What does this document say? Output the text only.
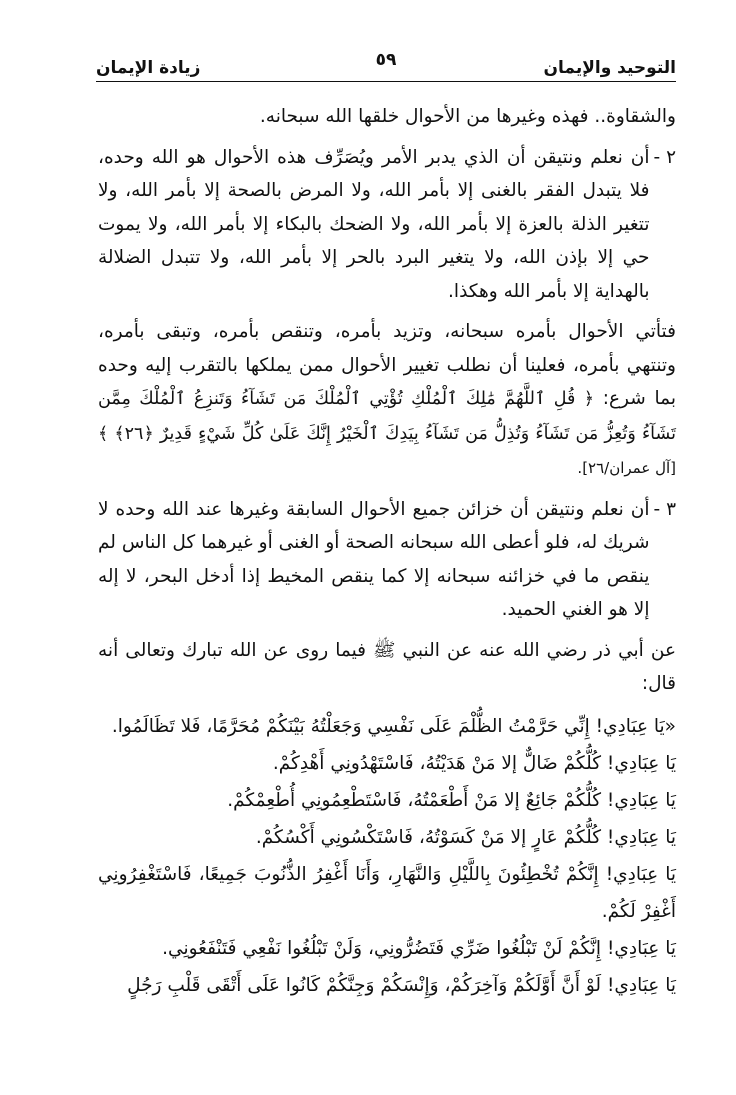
التوحيد والإيمان
٥٩
زيادة الإيمان

والشقاوة.. فهذه وغيرها من الأحوال خلقها الله سبحانه.

٢ -
أن نعلم ونتيقن أن الذي يدبر الأمر ويُصَرِّف هذه الأحوال هو الله وحده، فلا يتبدل الفقر بالغنى إلا بأمر الله، ولا المرض بالصحة إلا بأمر الله، ولا تتغير الذلة بالعزة إلا بأمر الله، ولا الضحك بالبكاء إلا بأمر الله، ولا يموت حي إلا بإذن الله، ولا يتغير البرد بالحر إلا بأمر الله، ولا تتبدل الضلالة بالهداية إلا بأمر الله وهكذا.
فتأتي الأحوال بأمره سبحانه، وتزيد بأمره، وتنقص بأمره، وتبقى بأمره، وتنتهي بأمره، فعلينا أن نطلب تغيير الأحوال ممن يملكها بالتقرب إليه وحده بما شرع: ﴿ قُلِ ٱللَّهُمَّ مَٰلِكَ ٱلْمُلْكِ تُؤْتِي ٱلْمُلْكَ مَن تَشَآءُ وَتَنزِعُ ٱلْمُلْكَ مِمَّن تَشَآءُ وَتُعِزُّ مَن تَشَآءُ وَتُذِلُّ مَن تَشَآءُ بِيَدِكَ ٱلْخَيْرُ إِنَّكَ عَلَىٰ كُلِّ شَيْءٍ قَدِيرٌ ﴿٢٦﴾ ﴾ [آل عمران/٢٦].
٣ -
أن نعلم ونتيقن أن خزائن جميع الأحوال السابقة وغيرها عند الله وحده لا شريك له، فلو أعطى الله سبحانه الصحة أو الغنى أو غيرهما كل الناس لم ينقص ما في خزائنه سبحانه إلا كما ينقص المخيط إذا أدخل البحر، لا إله إلا هو الغني الحميد.

عن أبي ذر رضي الله عنه عن النبي ﷺ فيما روى عن الله تبارك وتعالى أنه قال:

«يَا عِبَادِي! إِنِّي حَرَّمْتُ الظُّلْمَ عَلَى نَفْسِي وَجَعَلْتُهُ بَيْنَكُمْ مُحَرَّمًا، فَلا تَظَالَمُوا.

يَا عِبَادِي! كُلُّكُمْ ضَالٌّ إلا مَنْ هَدَيْتُهُ، فَاسْتَهْدُونِي أَهْدِكُمْ.

يَا عِبَادِي! كُلُّكُمْ جَائِعٌ إلا مَنْ أَطْعَمْتُهُ، فَاسْتَطْعِمُونِي أُطْعِمْكُمْ.

يَا عِبَادِي! كُلُّكُمْ عَارٍ إلا مَنْ كَسَوْتُهُ، فَاسْتَكْسُونِي أَكْسُكُمْ.

يَا عِبَادِي! إِنَّكُمْ تُخْطِئُونَ بِاللَّيْلِ وَالنَّهَارِ، وَأَنَا أَغْفِرُ الذُّنُوبَ جَمِيعًا، فَاسْتَغْفِرُونِي أَغْفِرْ لَكُمْ.

يَا عِبَادِي! إِنَّكُمْ لَنْ تَبْلُغُوا ضَرِّي فَتَضُرُّونِي، وَلَنْ تَبْلُغُوا نَفْعِي فَتَنْفَعُونِي.

يَا عِبَادِي! لَوْ أَنَّ أَوَّلَكُمْ وَآخِرَكُمْ، وَإِنْسَكُمْ وَجِنَّكُمْ كَانُوا عَلَى أَتْقَى قَلْبِ رَجُلٍ
